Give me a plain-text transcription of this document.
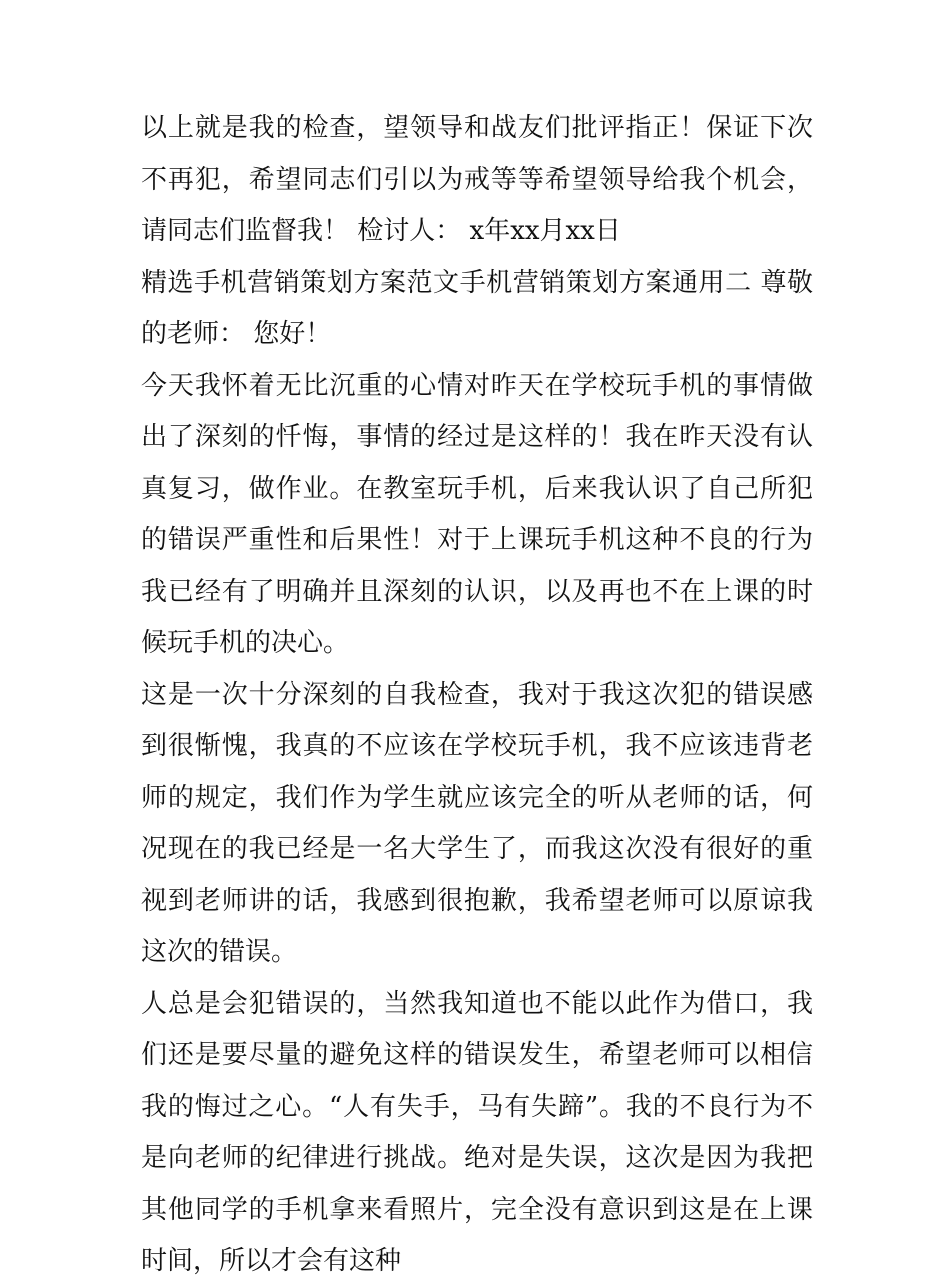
以上就是我的检查，望领导和战友们批评指正！保证下次不再犯，希望同志们引以为戒等等希望领导给我个机会，请同志们监督我！ 检讨人： x年xx月xx日

精选手机营销策划方案范文手机营销策划方案通用二 尊敬的老师： 您好！

今天我怀着无比沉重的心情对昨天在学校玩手机的事情做出了深刻的忏悔，事情的经过是这样的！我在昨天没有认真复习，做作业。在教室玩手机，后来我认识了自己所犯的错误严重性和后果性！对于上课玩手机这种不良的行为我已经有了明确并且深刻的认识，以及再也不在上课的时候玩手机的决心。

这是一次十分深刻的自我检查，我对于我这次犯的错误感到很惭愧，我真的不应该在学校玩手机，我不应该违背老师的规定，我们作为学生就应该完全的听从老师的话，何况现在的我已经是一名大学生了，而我这次没有很好的重视到老师讲的话，我感到很抱歉，我希望老师可以原谅我这次的错误。

人总是会犯错误的，当然我知道也不能以此作为借口，我们还是要尽量的避免这样的错误发生，希望老师可以相信我的悔过之心。“人有失手，马有失蹄”。我的不良行为不是向老师的纪律进行挑战。绝对是失误，这次是因为我把其他同学的手机拿来看照片，完全没有意识到这是在上课时间，所以才会有这种
